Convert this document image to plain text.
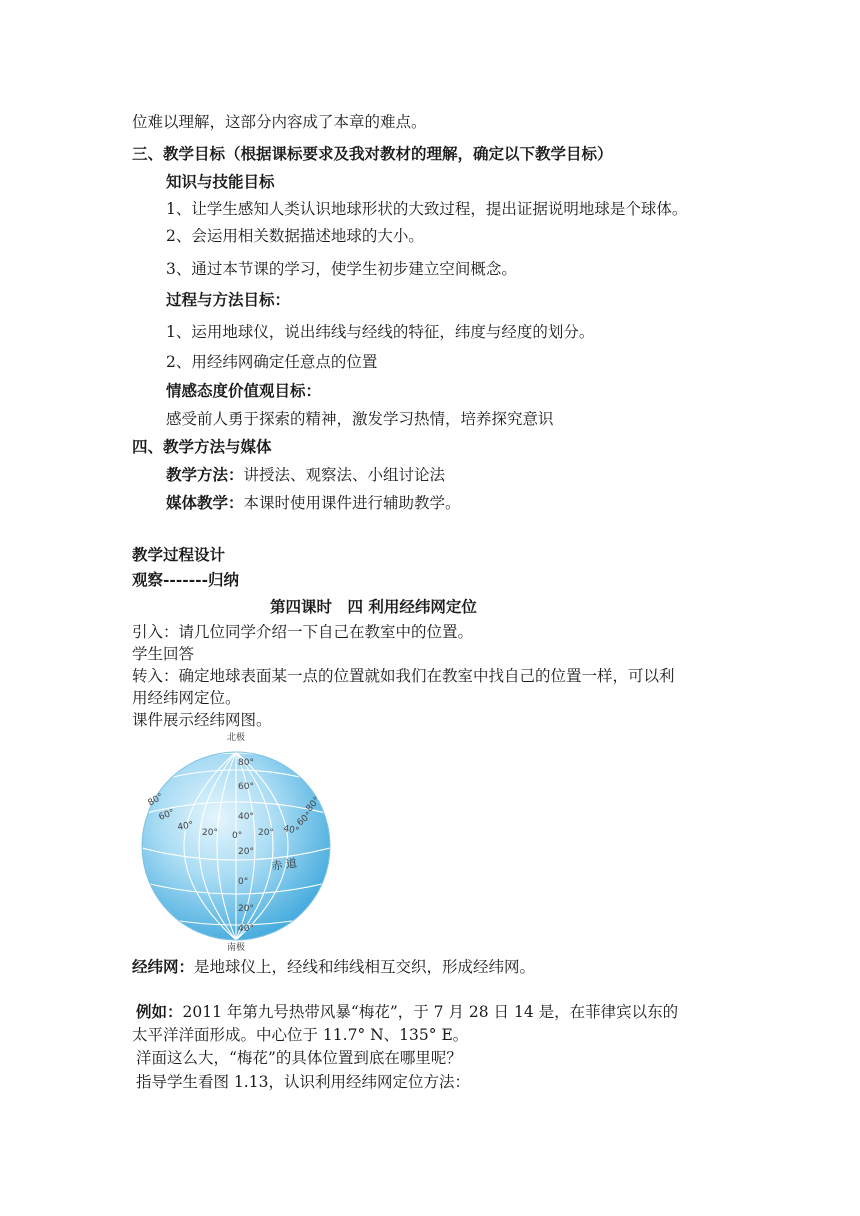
位难以理解，这部分内容成了本章的难点。
三、教学目标（根据课标要求及我对教材的理解，确定以下教学目标）
知识与技能目标
1、让学生感知人类认识地球形状的大致过程，提出证据说明地球是个球体。
2、会运用相关数据描述地球的大小。
3、通过本节课的学习，使学生初步建立空间概念。
过程与方法目标：
1、运用地球仪，说出纬线与经线的特征，纬度与经度的划分。
2、用经纬网确定任意点的位置
情感态度价值观目标：
感受前人勇于探索的精神，激发学习热情，培养探究意识
四、教学方法与媒体
教学方法：讲授法、观察法、小组讨论法
媒体教学：本课时使用课件进行辅助教学。
教学过程设计
观察-------归纳
第四课时　四 利用经纬网定位
引入：请几位同学介绍一下自己在教室中的位置。
学生回答
转入：确定地球表面某一点的位置就如我们在教室中找自己的位置一样，可以利
用经纬网定位。
课件展示经纬网图。
北极
南极
80°
60°
40°
20°
0°
20°
40°
80°
60°
40°
20° 0° 20° 40°
60°
80°
赤 道
经纬网：是地球仪上，经线和纬线相互交织，形成经纬网。
例如：2011 年第九号热带风暴“梅花”，于 7 月 28 日 14 是，在菲律宾以东的
太平洋洋面形成。中心位于 11.7° N、135° E。
洋面这么大，“梅花”的具体位置到底在哪里呢？
指导学生看图 1.13，认识利用经纬网定位方法：
